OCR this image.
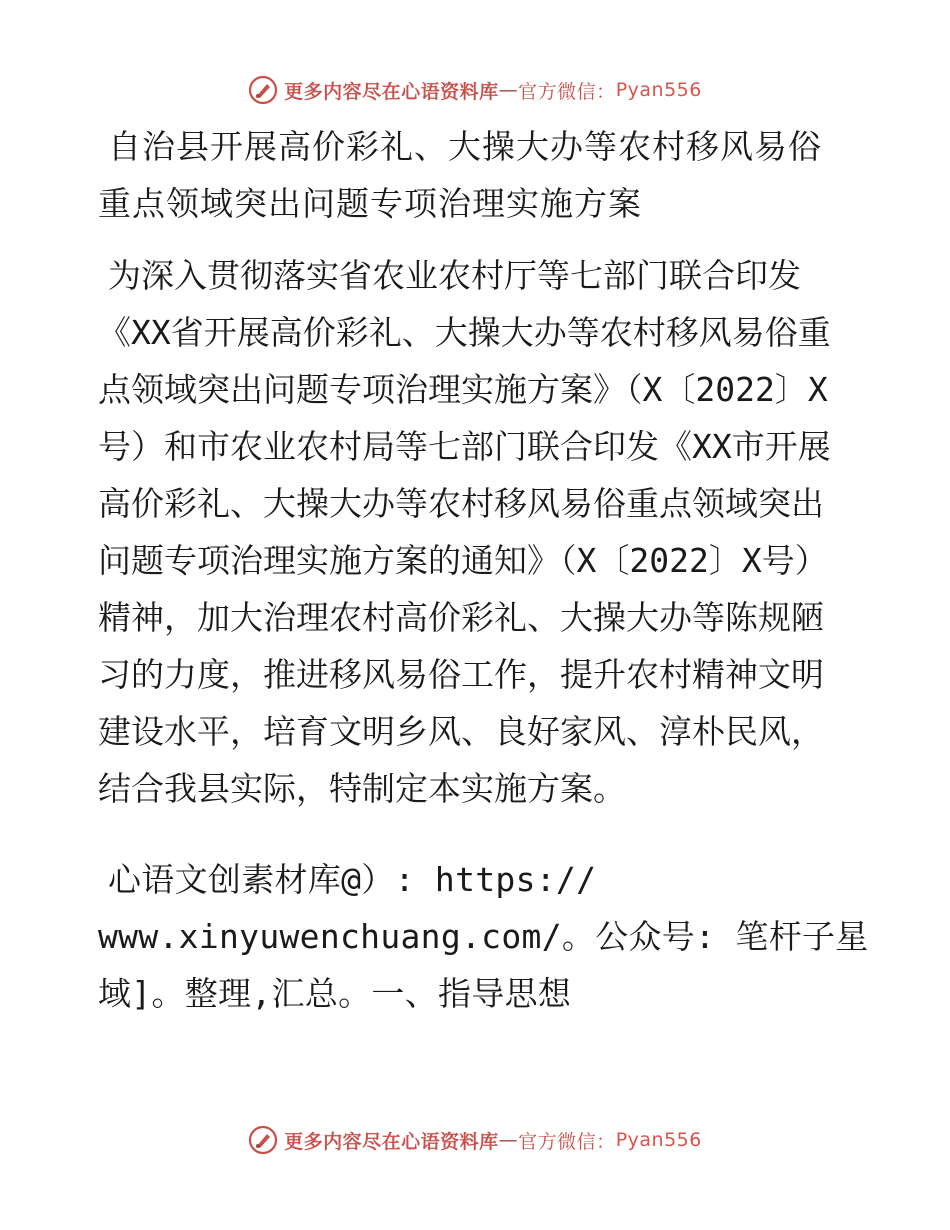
更多内容尽在心语资料库 — 官方微信： Pyan556

自治县开展高价彩礼、大操大办等农村移风易俗

重点领域突出问题专项治理实施方案

为深入贯彻落实省农业农村厅等七部门联合印发

《XX省开展高价彩礼、大操大办等农村移风易俗重

点领域突出问题专项治理实施方案》（X〔2022〕X

号）和市农业农村局等七部门联合印发《XX市开展

高价彩礼、大操大办等农村移风易俗重点领域突出

问题专项治理实施方案的通知》（X〔2022〕X号）

精神，加大治理农村高价彩礼、大操大办等陈规陋

习的力度，推进移风易俗工作，提升农村精神文明

建设水平，培育文明乡风、良好家风、淳朴民风，

结合我县实际，特制定本实施方案。

心语文创素材库@）: https://

www.xinyuwenchuang.com/。公众号: 笔杆子星

域]。整理,汇总。一、指导思想

更多内容尽在心语资料库 — 官方微信： Pyan556
